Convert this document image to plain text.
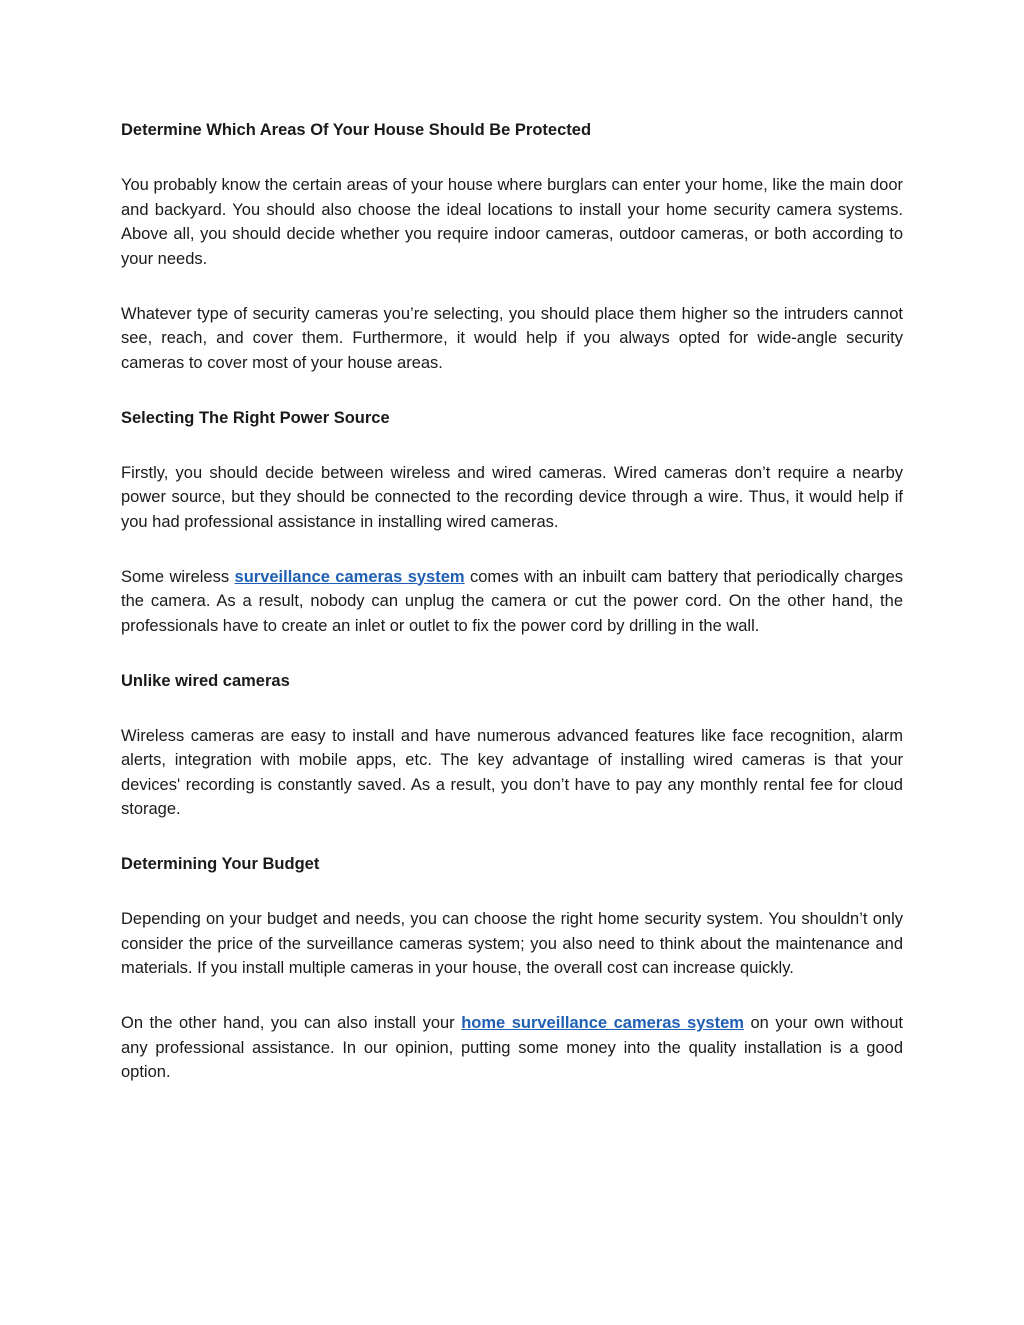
Determine Which Areas Of Your House Should Be Protected

You probably know the certain areas of your house where burglars can enter your home, like the main door and backyard. You should also choose the ideal locations to install your home security camera systems. Above all, you should decide whether you require indoor cameras, outdoor cameras, or both according to your needs.

Whatever type of security cameras you’re selecting, you should place them higher so the intruders cannot see, reach, and cover them. Furthermore, it would help if you always opted for wide-angle security cameras to cover most of your house areas.

Selecting The Right Power Source

Firstly, you should decide between wireless and wired cameras. Wired cameras don’t require a nearby power source, but they should be connected to the recording device through a wire. Thus, it would help if you had professional assistance in installing wired cameras.

Some wireless surveillance cameras system comes with an inbuilt cam battery that periodically charges the camera. As a result, nobody can unplug the camera or cut the power cord. On the other hand, the professionals have to create an inlet or outlet to fix the power cord by drilling in the wall.

Unlike wired cameras

Wireless cameras are easy to install and have numerous advanced features like face recognition, alarm alerts, integration with mobile apps, etc. The key advantage of installing wired cameras is that your devices' recording is constantly saved. As a result, you don’t have to pay any monthly rental fee for cloud storage.

Determining Your Budget

Depending on your budget and needs, you can choose the right home security system. You shouldn’t only consider the price of the surveillance cameras system; you also need to think about the maintenance and materials. If you install multiple cameras in your house, the overall cost can increase quickly.

On the other hand, you can also install your home surveillance cameras system on your own without any professional assistance. In our opinion, putting some money into the quality installation is a good option.
